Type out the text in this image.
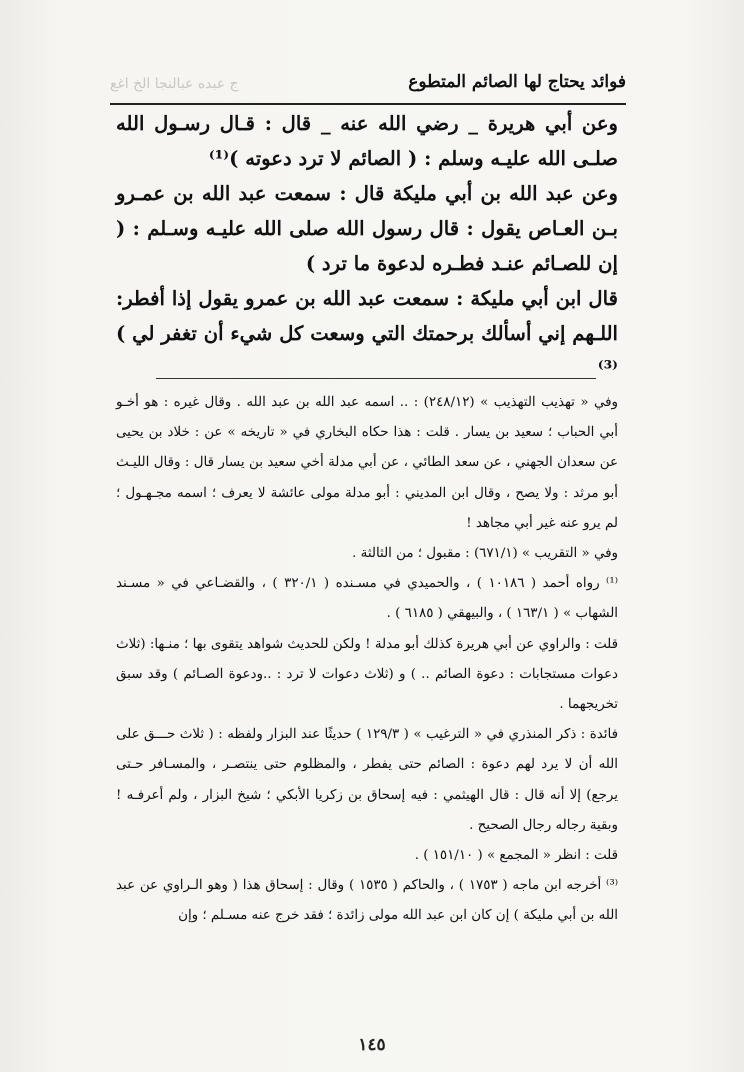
فوائد يحتاج لها الصائم المتطوع
ج عبده عبالنجا الخ اغع

وعن أبي هريرة _ رضي الله عنه _ قال : قـال رسـول الله صلـى الله عليـه وسلم : ( الصائم لا ترد دعوته )⁽¹⁾

وعن عبد الله بن أبي مليكة قال : سمعت عبد الله بن عمـرو بـن العـاص يقول : قال رسول الله صلى الله عليـه وسـلم : ( إن للصـائم عنـد فطـره لدعوة ما ترد )

قال ابن أبي مليكة : سمعت عبد الله بن عمرو يقول إذا أفطر: اللـهم إني أسألك برحمتك التي وسعت كل شيء أن تغفر لي )⁽³⁾

وفي « تهذيب التهذيب » (٢٤٨/١٢) : .. اسمه عبد الله بن عبد الله . وقال غيره : هو أخـو أبي الحباب ؛ سعيد بن يسار . قلت : هذا حكاه البخاري في « تاريخه » عن : خلاد بن يحيى عن سعدان الجهني ، عن سعد الطائي ، عن أبي مدلة أخي سعيد بن يسار قال : وقال الليـث أبو مرثد : ولا يصح ، وقال ابن المديني : أبو مدلة مولى عائشة لا يعرف ؛ اسمه مجـهـول ؛ لم يرو عنه غير أبي مجاهد !

وفي « التقريب » (٦٧١/١) : مقبول ؛ من الثالثة .

⁽¹⁾ رواه أحمد ( ١٠١٨٦ ) ، والحميدي في مسـنده ( ٣٢٠/١ ) ، والقضـاعي في « مسـند الشهاب » ( ١٦٣/١ ) ، والبيهقي ( ٦١٨٥ ) .

قلت : والراوي عن أبي هريرة كذلك أبو مدلة ! ولكن للحديث شواهد يتقوى بها ؛ منـها: (ثلاث دعوات مستجابات : دعوة الصائم .. ) و (ثلاث دعوات لا ترد : ..ودعوة الصـائم ) وقد سبق تخريجهما .

فائدة : ذكر المنذري في « الترغيب » ( ١٢٩/٣ ) حديثًا عند البزار ولفظه : ( ثلاث حـــق على الله أن لا يرد لهم دعوة : الصائم حتى يفطر ، والمظلوم حتى ينتصـر ، والمسـافر حـتى يرجع) إلا أنه قال : قال الهيثمي : فيه إسحاق بن زكريا الأبكي ؛ شيخ البزار ، ولم أعرفـه ! وبقية رجاله رجال الصحيح .

قلت : انظر « المجمع » ( ١٥١/١٠ ) .

⁽³⁾ أخرجه ابن ماجه ( ١٧٥٣ ) ، والحاكم ( ١٥٣٥ ) وقال : إسحاق هذا ( وهو الـراوي عن عبد الله بن أبي مليكة ) إن كان ابن عبد الله مولى زائدة ؛ فقد خرج عنه مسـلم ؛ وإن

١٤٥
